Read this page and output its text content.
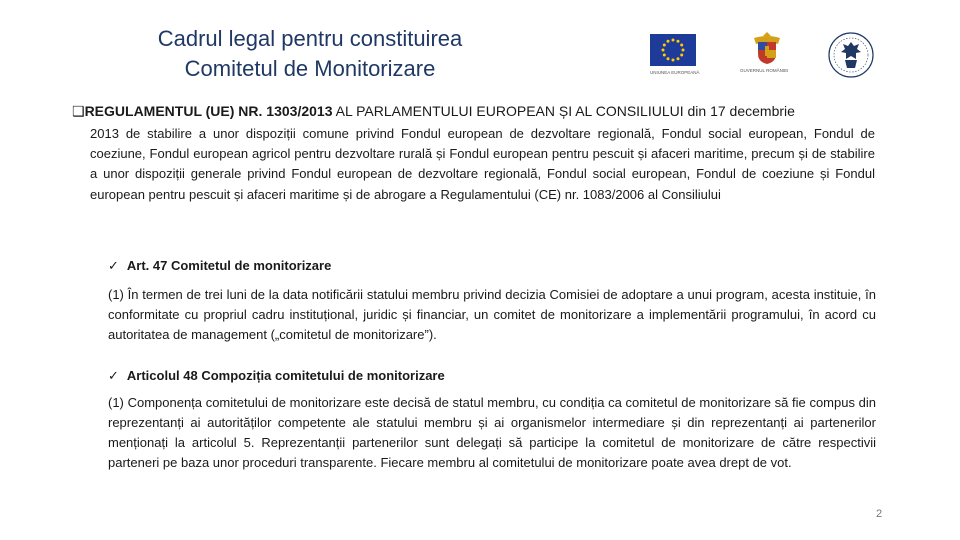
Cadrul legal pentru constituirea
Comitetul de Monitorizare	UNIUNEA EUROPEANĂ	GUVERNUL ROMÂNIEI
❑REGULAMENTUL (UE) NR. 1303/2013 AL PARLAMENTULUI EUROPEAN ȘI AL CONSILIULUI din 17 decembrie
2013 de stabilire a unor dispoziții comune privind Fondul european de dezvoltare regională, Fondul social european, Fondul de coeziune, Fondul european agricol pentru dezvoltare rurală și Fondul european pentru pescuit și afaceri maritime, precum și de stabilire a unor dispoziții generale privind Fondul european de dezvoltare regională, Fondul social european, Fondul de coeziune și Fondul european pentru pescuit și afaceri maritime și de abrogare a Regulamentului (CE) nr. 1083/2006 al Consiliului
✓ Art. 47 Comitetul de monitorizare
(1) În termen de trei luni de la data notificării statului membru privind decizia Comisiei de adoptare a unui program, acesta instituie, în conformitate cu propriul cadru instituțional, juridic și financiar, un comitet de monitorizare a implementării programului, în acord cu autoritatea de management („comitetul de monitorizare”).
✓ Articolul 48 Compoziția comitetului de monitorizare
(1) Componența comitetului de monitorizare este decisă de statul membru, cu condiția ca comitetul de monitorizare să fie compus din reprezentanți ai autorităților competente ale statului membru și ai organismelor intermediare și din reprezentanți ai partenerilor menționați la articolul 5. Reprezentanții partenerilor sunt delegați să participe la comitetul de monitorizare de către respectivii parteneri pe baza unor proceduri transparente. Fiecare membru al comitetului de monitorizare poate avea drept de vot.
2
